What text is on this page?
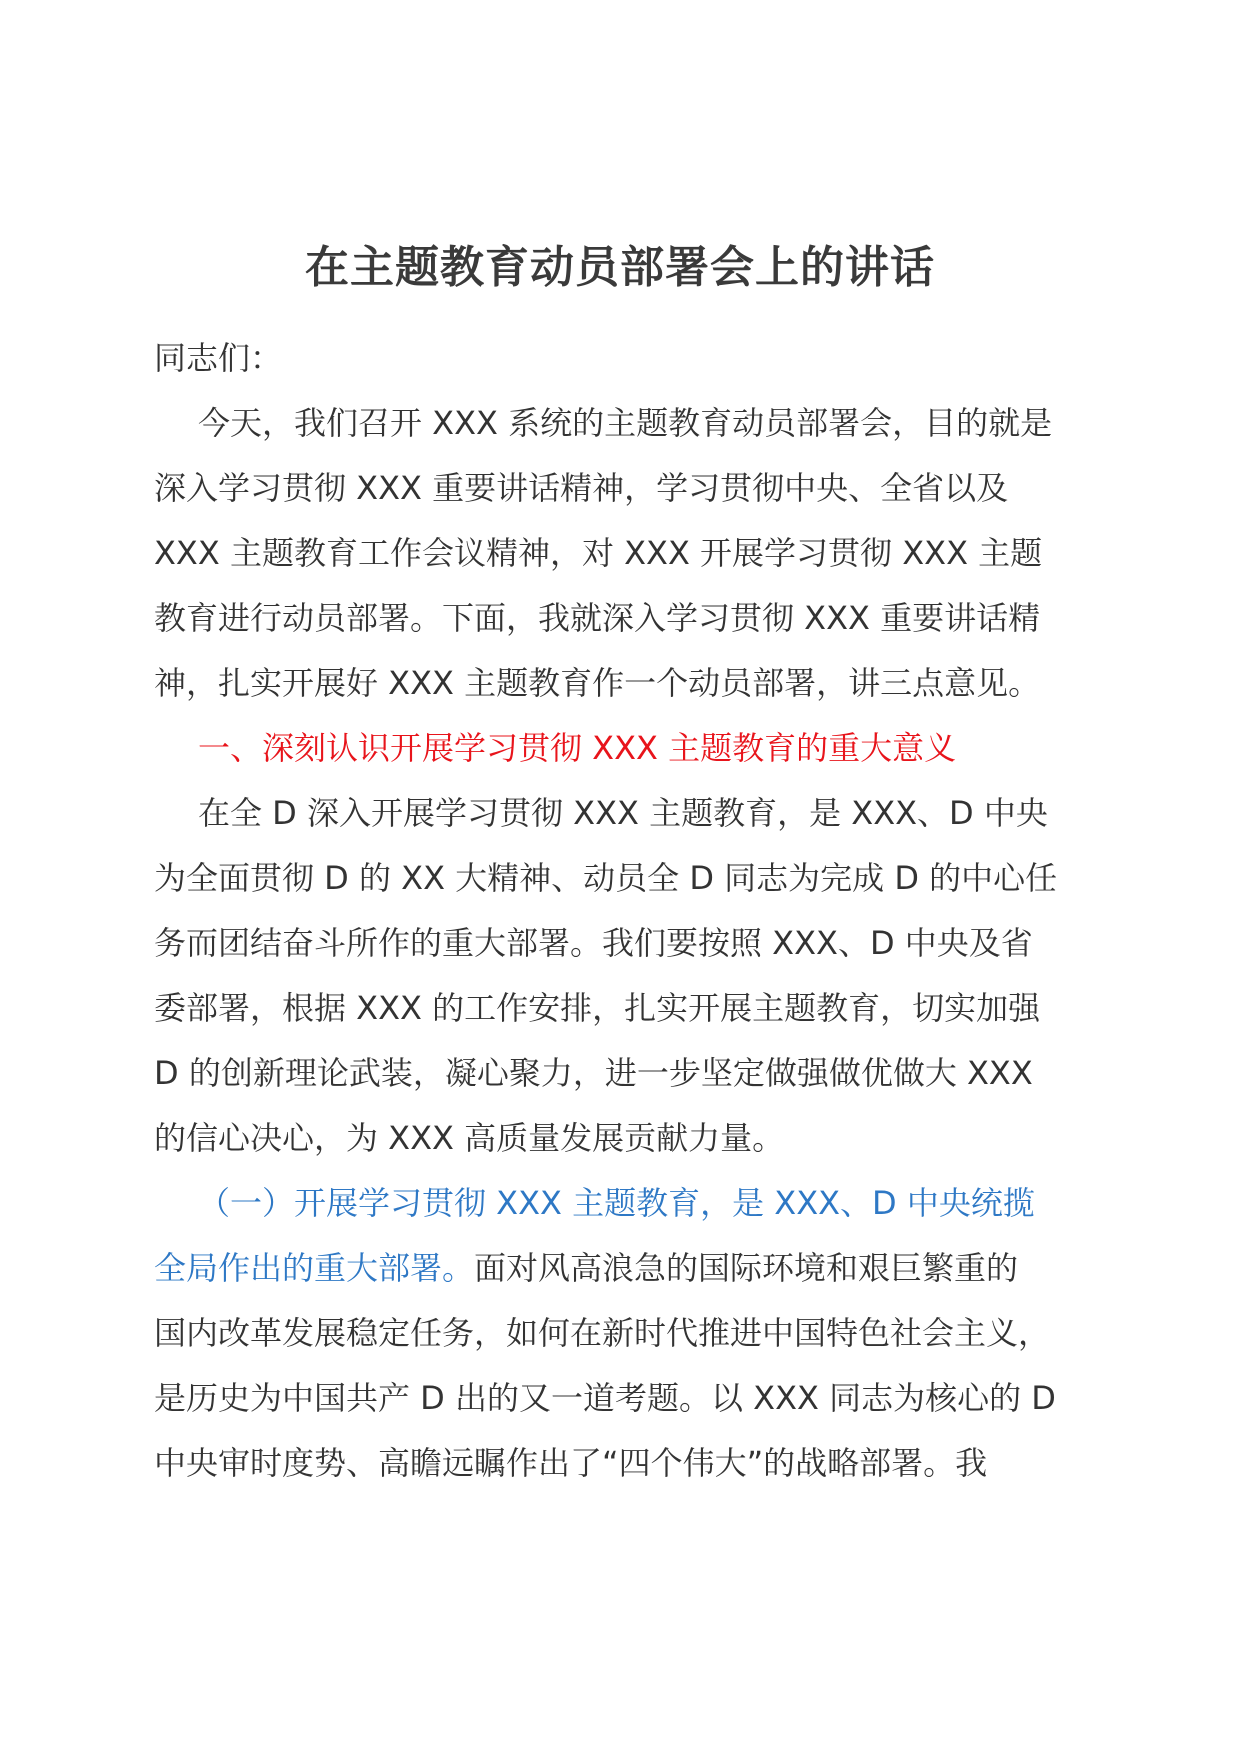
在主题教育动员部署会上的讲话
同志们：
今天，我们召开 XXX 系统的主题教育动员部署会，目的就是
深入学习贯彻 XXX 重要讲话精神，学习贯彻中央、全省以及
XXX 主题教育工作会议精神，对 XXX 开展学习贯彻 XXX 主题
教育进行动员部署。下面，我就深入学习贯彻 XXX 重要讲话精
神，扎实开展好 XXX 主题教育作一个动员部署，讲三点意见。
一、深刻认识开展学习贯彻 XXX 主题教育的重大意义
在全 D 深入开展学习贯彻 XXX 主题教育，是 XXX、D 中央
为全面贯彻 D 的 XX 大精神、动员全 D 同志为完成 D 的中心任
务而团结奋斗所作的重大部署。我们要按照 XXX、D 中央及省
委部署，根据 XXX 的工作安排，扎实开展主题教育，切实加强
D 的创新理论武装，凝心聚力，进一步坚定做强做优做大 XXX
的信心决心，为 XXX 高质量发展贡献力量。
（一）开展学习贯彻 XXX 主题教育，是 XXX、D 中央统揽
全局作出的重大部署。面对风高浪急的国际环境和艰巨繁重的
国内改革发展稳定任务，如何在新时代推进中国特色社会主义，
是历史为中国共产 D 出的又一道考题。以 XXX 同志为核心的 D
中央审时度势、高瞻远瞩作出了“四个伟大”的战略部署。我
